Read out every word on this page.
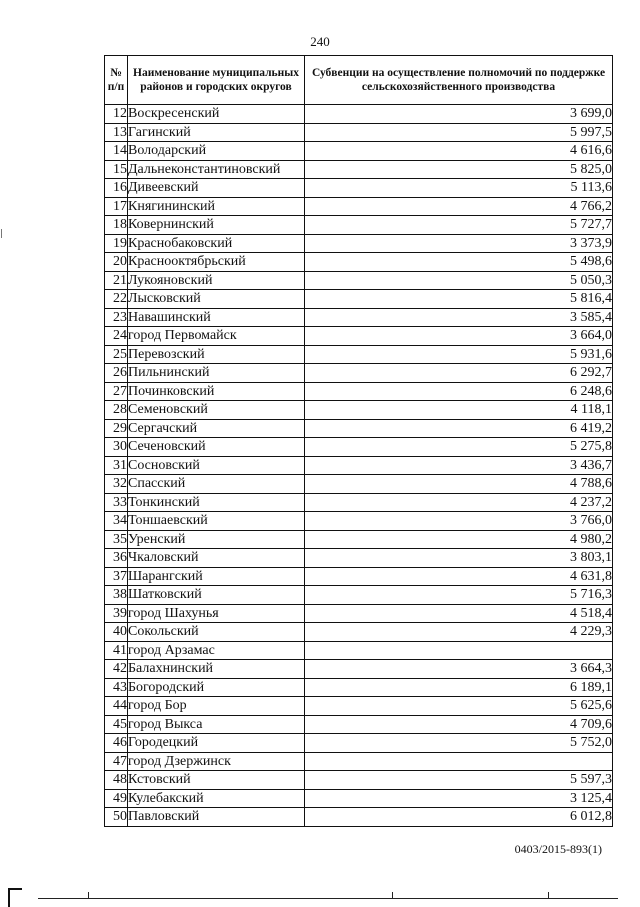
240
№ п/п	Наименование муниципальных районов и городских округов	Субвенции на осуществление полномочий по поддержке сельскохозяйственного производства
12	Воскресенский	3 699,0
13	Гагинский	5 997,5
14	Володарский	4 616,6
15	Дальнеконстантиновский	5 825,0
16	Дивеевский	5 113,6
17	Княгининский	4 766,2
18	Ковернинский	5 727,7
19	Краснобаковский	3 373,9
20	Краснооктябрьский	5 498,6
21	Лукояновский	5 050,3
22	Лысковский	5 816,4
23	Навашинский	3 585,4
24	город Первомайск	3 664,0
25	Перевозский	5 931,6
26	Пильнинский	6 292,7
27	Починковский	6 248,6
28	Семеновский	4 118,1
29	Сергачский	6 419,2
30	Сеченовский	5 275,8
31	Сосновский	3 436,7
32	Спасский	4 788,6
33	Тонкинский	4 237,2
34	Тоншаевский	3 766,0
35	Уренский	4 980,2
36	Чкаловский	3 803,1
37	Шарангский	4 631,8
38	Шатковский	5 716,3
39	город Шахунья	4 518,4
40	Сокольский	4 229,3
41	город Арзамас	
42	Балахнинский	3 664,3
43	Богородский	6 189,1
44	город Бор	5 625,6
45	город Выкса	4 709,6
46	Городецкий	5 752,0
47	город Дзержинск	
48	Кстовский	5 597,3
49	Кулебакский	3 125,4
50	Павловский	6 012,8
0403/2015-893(1)
